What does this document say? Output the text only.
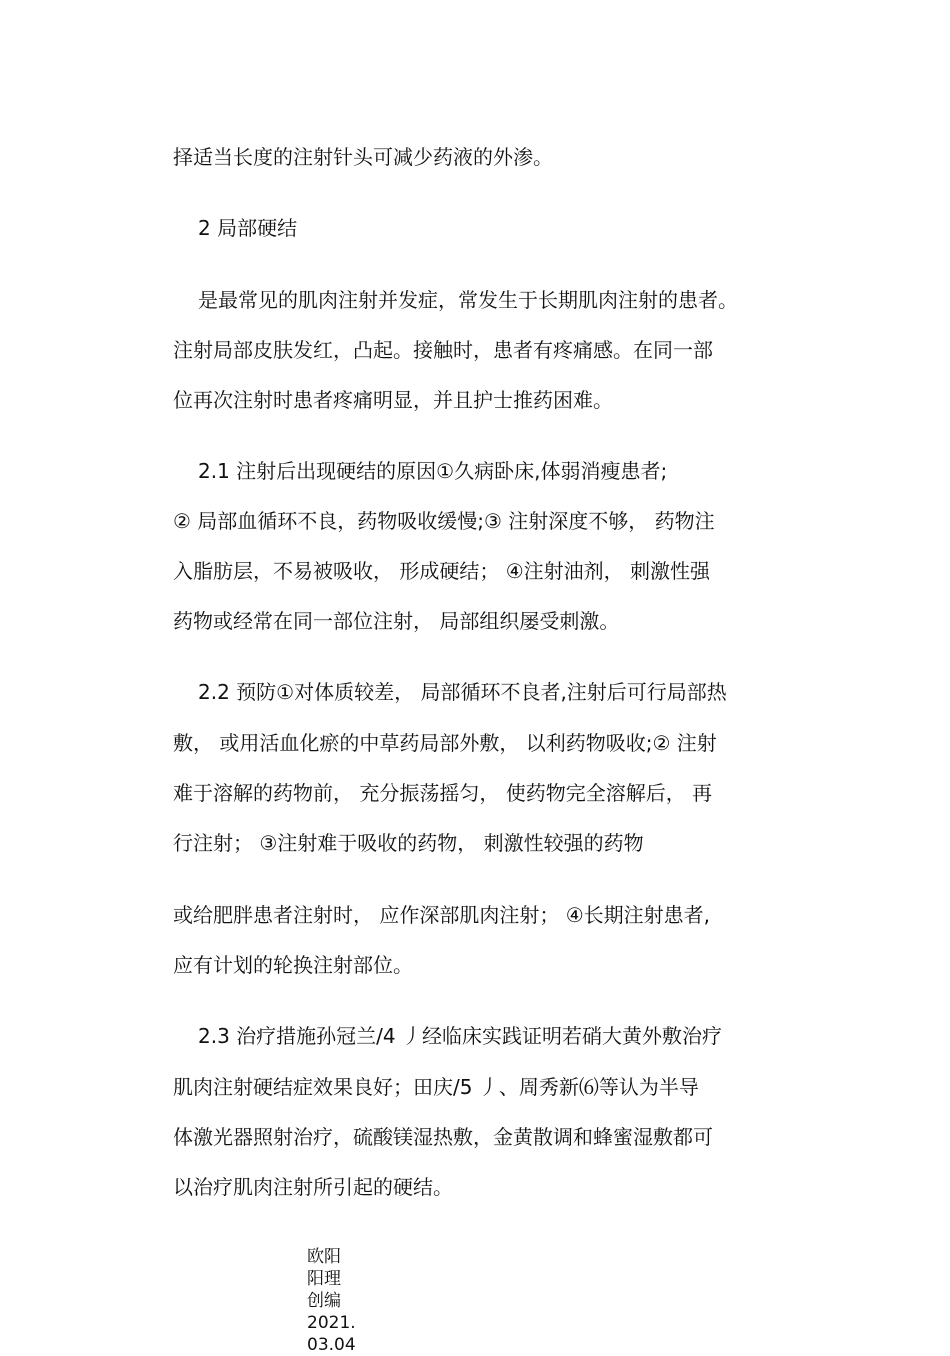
择适当长度的注射针头可减少药液的外渗。
2 局部硬结
是最常见的肌肉注射并发症，常发生于长期肌肉注射的患者。
注射局部皮肤发红，凸起。接触时，患者有疼痛感。在同一部
位再次注射时患者疼痛明显，并且护士推药困难。
2.1 注射后出现硬结的原因①久病卧床,体弱消瘦患者;
② 局部血循环不良，药物吸收缓慢;③ 注射深度不够， 药物注
入脂肪层，不易被吸收， 形成硬结； ④注射油剂， 刺激性强
药物或经常在同一部位注射， 局部组织屡受刺激。
2.2 预防①对体质较差， 局部循环不良者,注射后可行局部热
敷， 或用活血化瘀的中草药局部外敷， 以利药物吸收;② 注射
难于溶解的药物前， 充分振荡摇匀， 使药物完全溶解后， 再
行注射； ③注射难于吸收的药物， 刺激性较强的药物
或给肥胖患者注射时， 应作深部肌肉注射； ④长期注射患者,
应有计划的轮换注射部位。
2.3 治疗措施孙冠兰/4 丿经临床实践证明若硝大黄外敷治疗
肌肉注射硬结症效果良好；田庆/5 丿、周秀新⑹等认为半导
体激光器照射治疗，硫酸镁湿热敷，金黄散调和蜂蜜湿敷都可
以治疗肌肉注射所引起的硬结。
欧阳
阳理
创编
2021.
03.04
